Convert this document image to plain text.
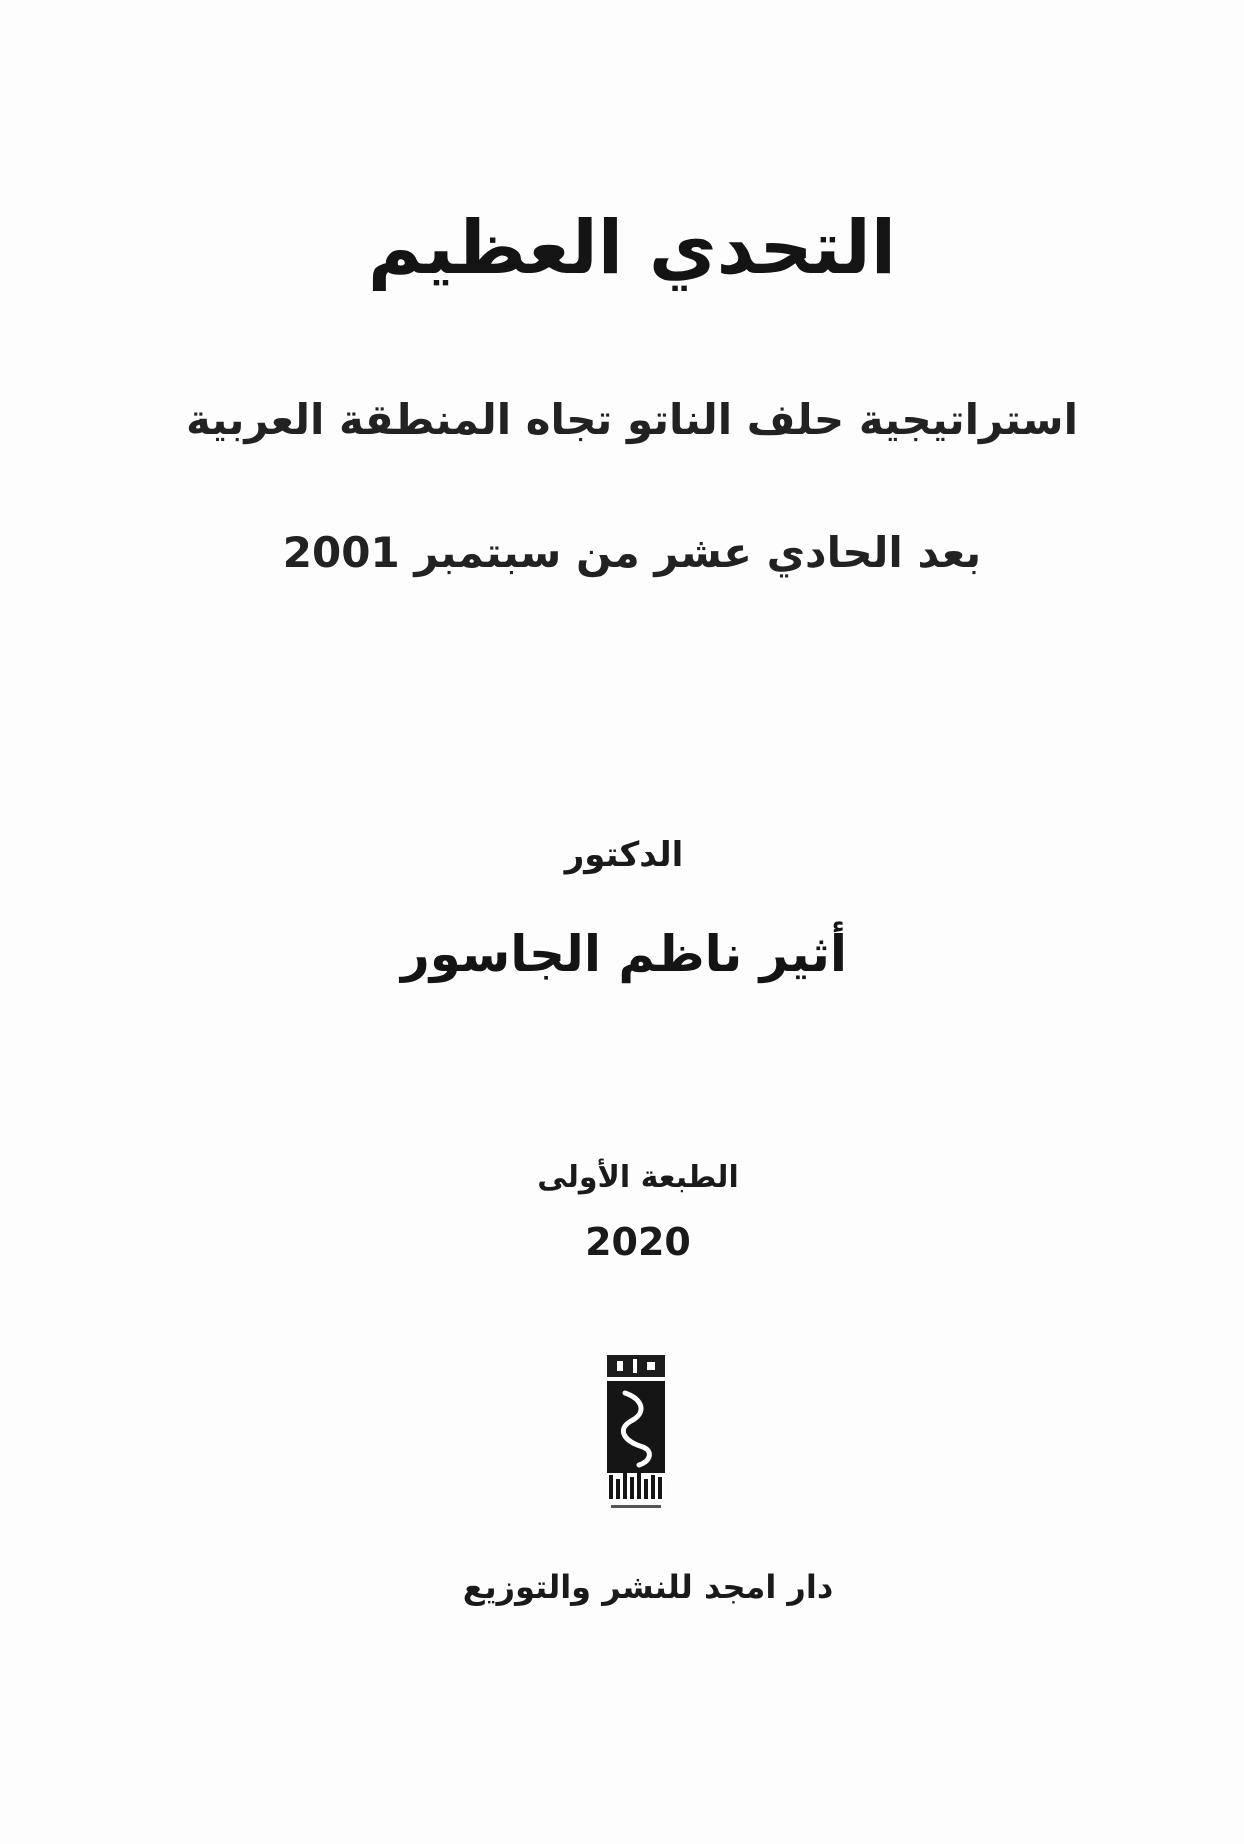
التحدي العظيم
استراتيجية حلف الناتو تجاه المنطقة العربية
بعد الحادي عشر من سبتمبر 2001
الدكتور
أثير ناظم الجاسور
الطبعة الأولى
2020
دار امجد للنشر والتوزيع
